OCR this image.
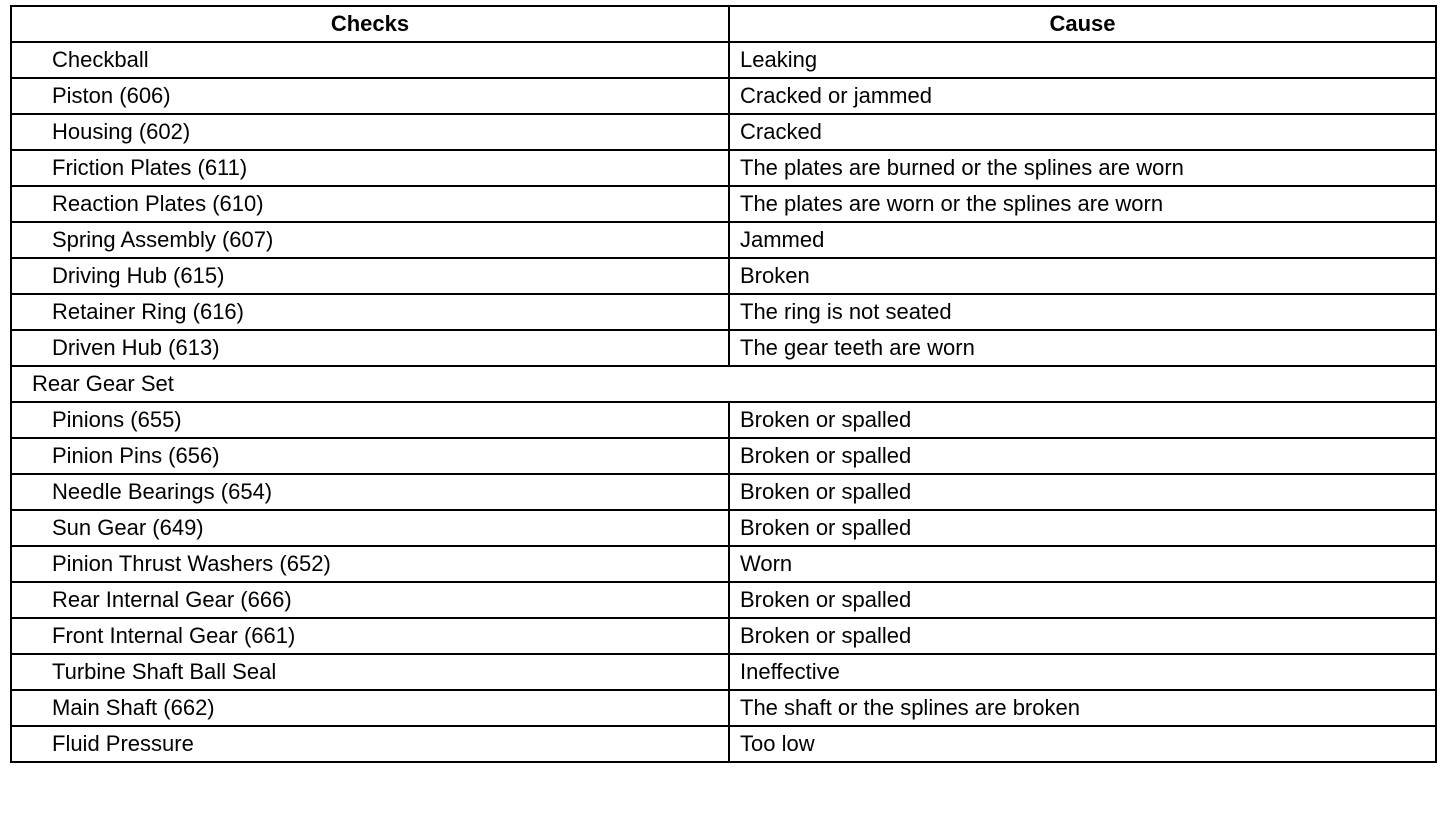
Checks	Cause
Checkball	Leaking
Piston (606)	Cracked or jammed
Housing (602)	Cracked
Friction Plates (611)	The plates are burned or the splines are worn
Reaction Plates (610)	The plates are worn or the splines are worn
Spring Assembly (607)	Jammed
Driving Hub (615)	Broken
Retainer Ring (616)	The ring is not seated
Driven Hub (613)	The gear teeth are worn
Rear Gear Set	
Pinions (655)	Broken or spalled
Pinion Pins (656)	Broken or spalled
Needle Bearings (654)	Broken or spalled
Sun Gear (649)	Broken or spalled
Pinion Thrust Washers (652)	Worn
Rear Internal Gear (666)	Broken or spalled
Front Internal Gear (661)	Broken or spalled
Turbine Shaft Ball Seal	Ineffective
Main Shaft (662)	The shaft or the splines are broken
Fluid Pressure	Too low
